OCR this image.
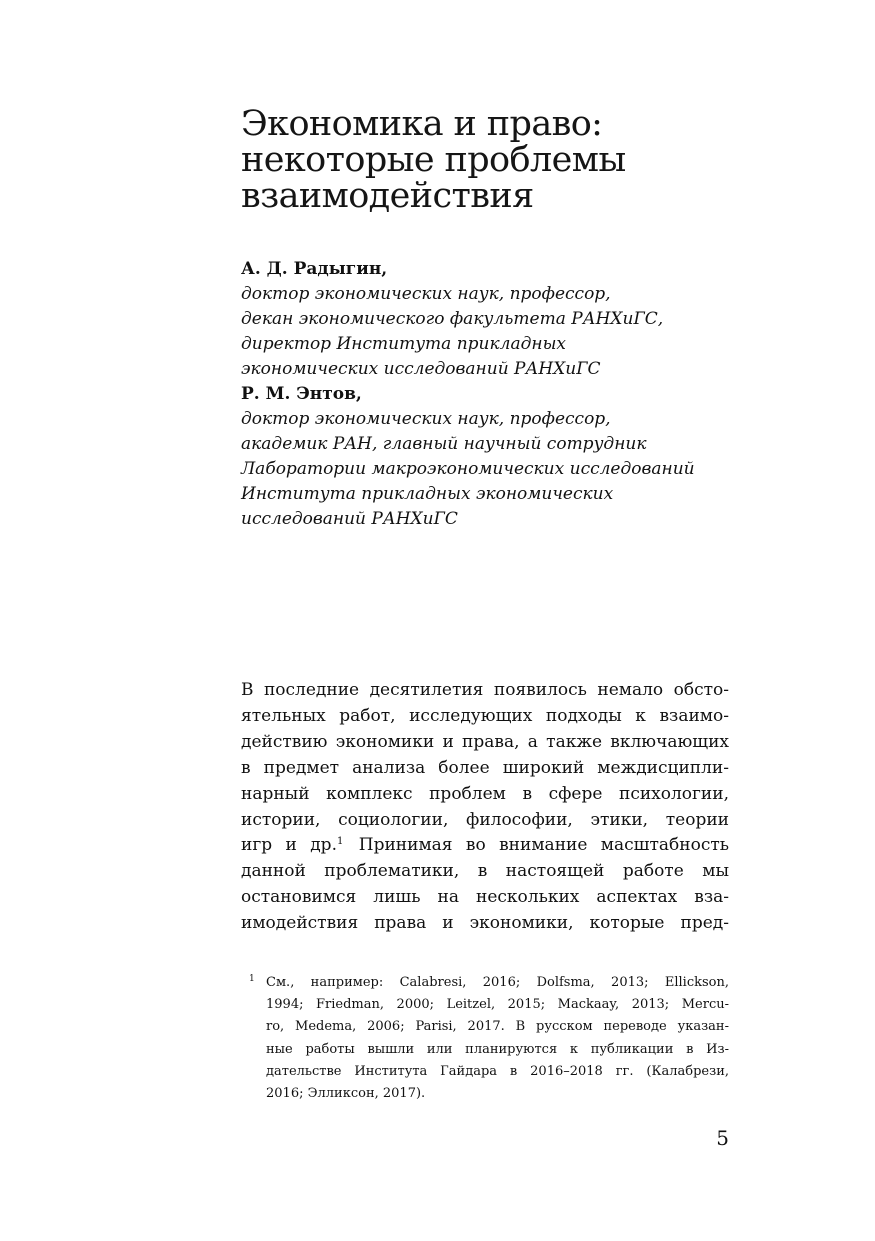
Экономика и право:
некоторые проблемы
взаимодействия
А. Д. Радыгин,
доктор экономических наук, профессор,
декан экономического факультета РАНХиГС,
директор Института прикладных
экономических исследований РАНХиГС
Р. М. Энтов,
доктор экономических наук, профессор,
академик РАН, главный научный сотрудник
Лаборатории макроэкономических исследований
Института прикладных экономических
исследований РАНХиГС
В последние десятилетия появилось немало обсто-
ятельных работ, исследующих подходы к взаимо-
действию экономики и права, а также включающих
в предмет анализа более широкий междисципли-
нарный комплекс проблем в сфере психологии,
истории, социологии, философии, этики, теории
игр и др.$^1$ Принимая во внимание масштабность
данной проблематики, в настоящей работе мы
остановимся лишь на нескольких аспектах вза-
имодействия права и экономики, которые пред-
1 См., например: Calabresi, 2016; Dolfsma, 2013; Ellickson,
1994; Friedman, 2000; Leitzel, 2015; Mackaay, 2013; Mercu-
ro, Medema, 2006; Parisi, 2017. В русском переводе указан-
ные работы вышли или планируются к публикации в Из-
дательстве Института Гайдара в 2016–2018 гг. (Калабрези,
2016; Элликсон, 2017).
5
